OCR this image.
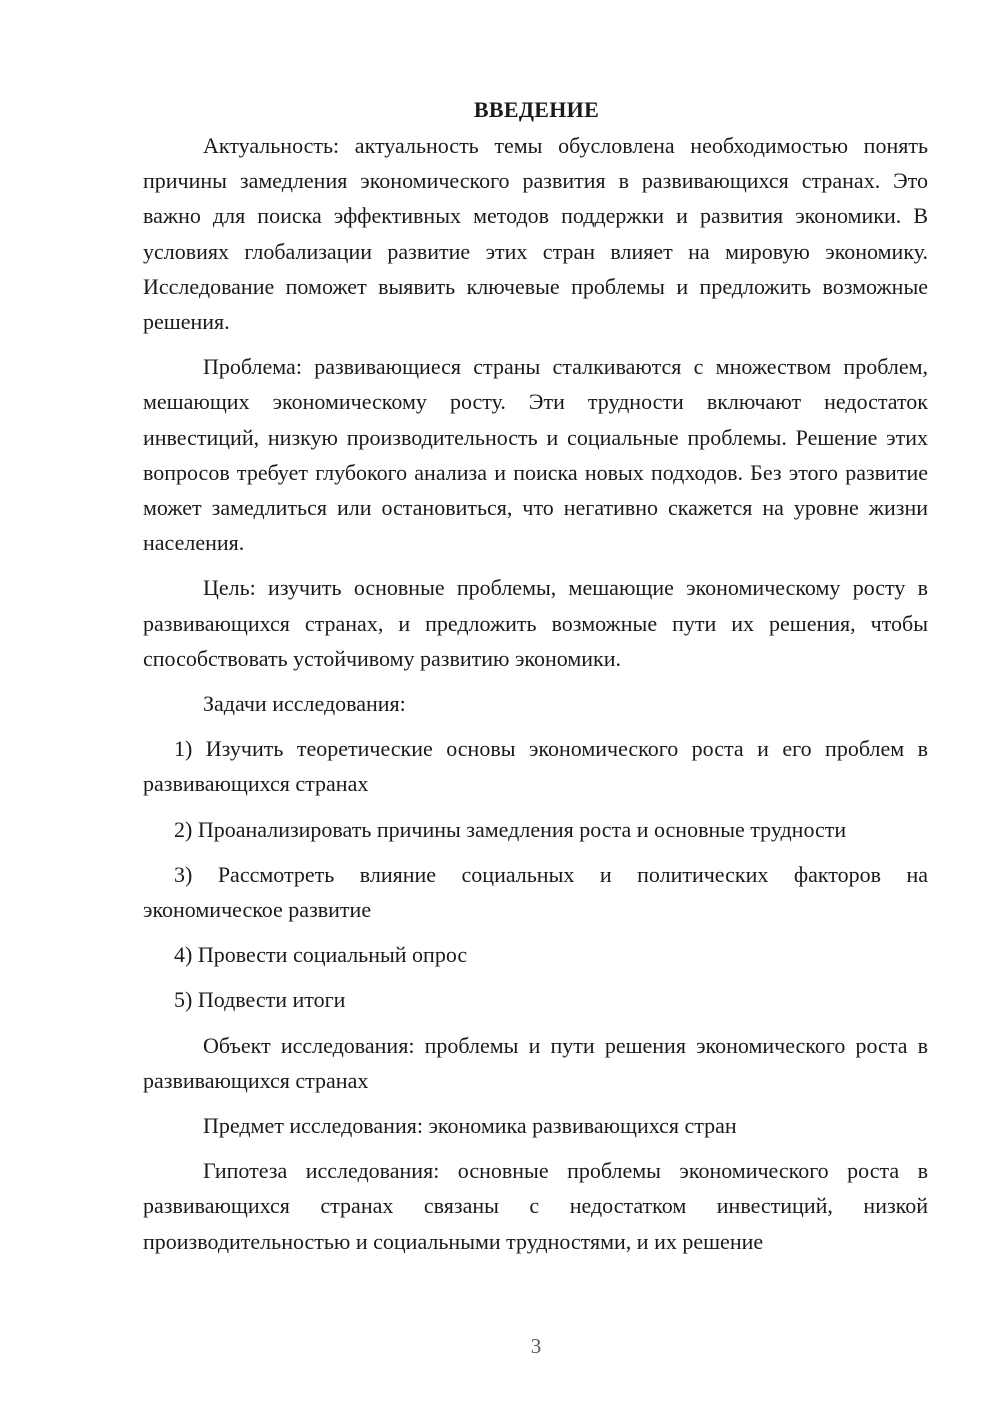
ВВЕДЕНИЕ

Актуальность: актуальность темы обусловлена необходимостью понять причины замедления экономического развития в развивающихся странах. Это важно для поиска эффективных методов поддержки и развития экономики. В условиях глобализации развитие этих стран влияет на мировую экономику. Исследование поможет выявить ключевые проблемы и предложить возможные решения.

Проблема: развивающиеся страны сталкиваются с множеством проблем, мешающих экономическому росту. Эти трудности включают недостаток инвестиций, низкую производительность и социальные проблемы. Решение этих вопросов требует глубокого анализа и поиска новых подходов. Без этого развитие может замедлиться или остановиться, что негативно скажется на уровне жизни населения.

Цель: изучить основные проблемы, мешающие экономическому росту в развивающихся странах, и предложить возможные пути их решения, чтобы способствовать устойчивому развитию экономики.

Задачи исследования:

1) Изучить теоретические основы экономического роста и его проблем в развивающихся странах

2) Проанализировать причины замедления роста и основные трудности

3) Рассмотреть влияние социальных и политических факторов на экономическое развитие

4) Провести социальный опрос

5) Подвести итоги

Объект исследования: проблемы и пути решения экономического роста в развивающихся странах

Предмет исследования: экономика развивающихся стран

Гипотеза исследования: основные проблемы экономического роста в развивающихся странах связаны с недостатком инвестиций, низкой производительностью и социальными трудностями, и их решение

3
